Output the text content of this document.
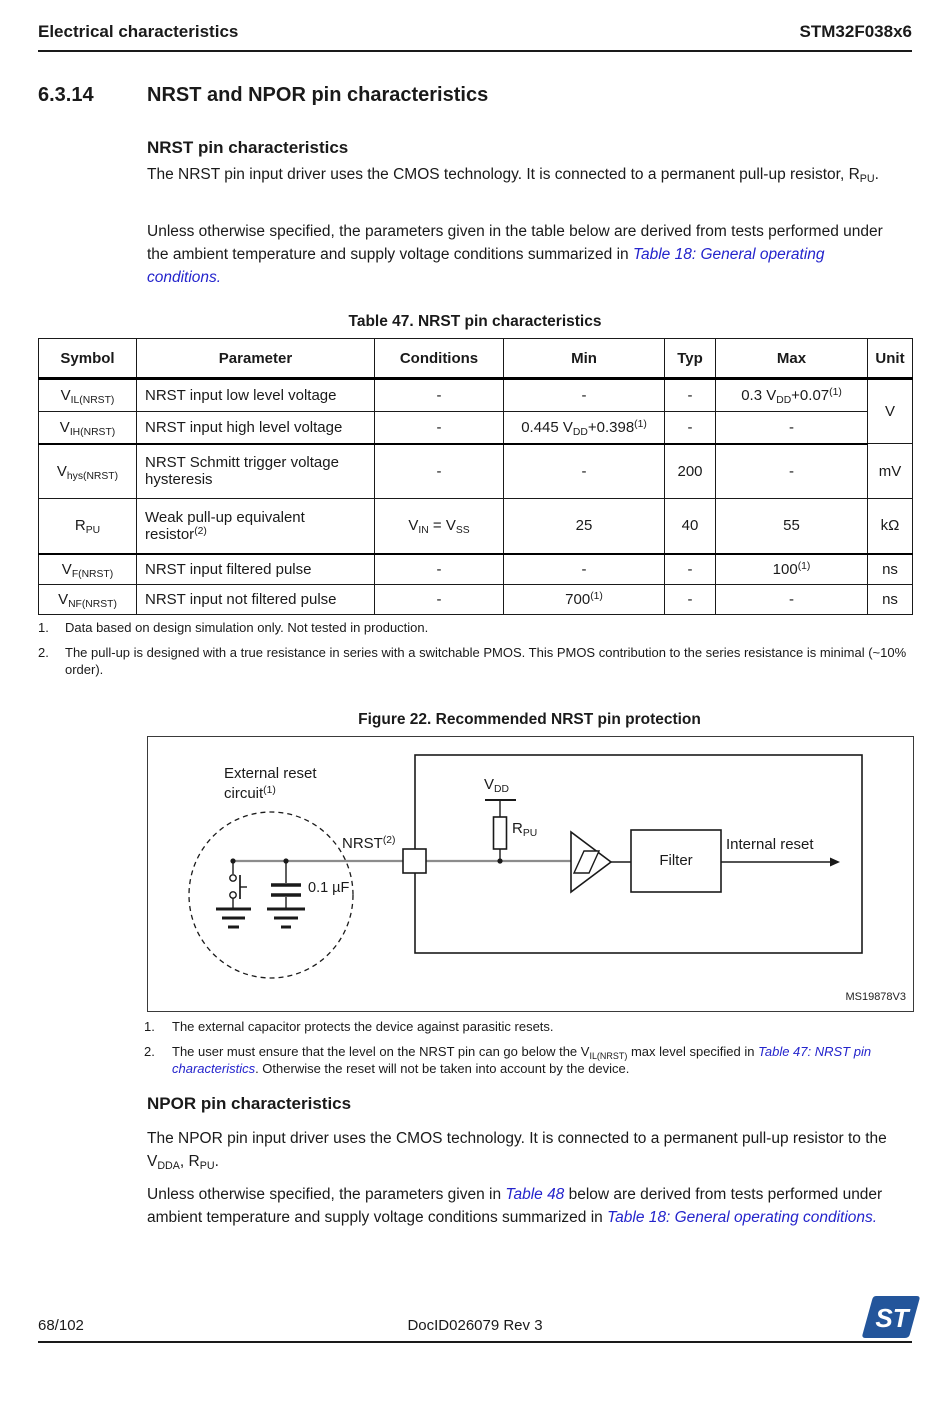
Electrical characteristics	STM32F038x6
6.3.14	NRST and NPOR pin characteristics
NRST pin characteristics
The NRST pin input driver uses the CMOS technology. It is connected to a permanent pull-up resistor, $R_{PU}$.
Unless otherwise specified, the parameters given in the table below are derived from tests performed under the ambient temperature and supply voltage conditions summarized in Table 18: General operating conditions.
Table 47. NRST pin characteristics
Symbol	Parameter	Conditions	Min	Typ	Max	Unit
$V_{IL(NRST)}$	NRST input low level voltage	-	-	-	0.3 $V_{DD}+0.07^{(1)}$	V
$V_{IH(NRST)}$	NRST input high level voltage	-	0.445 $V_{DD}+0.398^{(1)}$	-	-	
$V_{hys(NRST)}$	NRST Schmitt trigger voltage hysteresis	-	-	200	-	mV
$R_{PU}$	Weak pull-up equivalent resistor$^{(2)}$	$V_{IN} = V_{SS}$	25	40	55	kΩ
$V_{F(NRST)}$	NRST input filtered pulse	-	-	-	100$^{(1)}$	ns
$V_{NF(NRST)}$	NRST input not filtered pulse	-	700$^{(1)}$	-	-	ns
1. Data based on design simulation only. Not tested in production.
2. The pull-up is designed with a true resistance in series with a switchable PMOS. This PMOS contribution to the series resistance is minimal (~10% order).
Figure 22. Recommended NRST pin protection
External reset circuit$^{(1)}$
NRST$^{(2)}$
$V_{DD}$
$R_{PU}$
Filter
Internal reset
0.1 µF
MS19878V3
1. The external capacitor protects the device against parasitic resets.
2. The user must ensure that the level on the NRST pin can go below the $V_{IL(NRST)}$ max level specified in Table 47: NRST pin characteristics. Otherwise the reset will not be taken into account by the device.
NPOR pin characteristics
The NPOR pin input driver uses the CMOS technology. It is connected to a permanent pull-up resistor to the $V_{DDA}$, $R_{PU}$.
Unless otherwise specified, the parameters given in Table 48 below are derived from tests performed under ambient temperature and supply voltage conditions summarized in Table 18: General operating conditions.
68/102	DocID026079 Rev 3	ST
